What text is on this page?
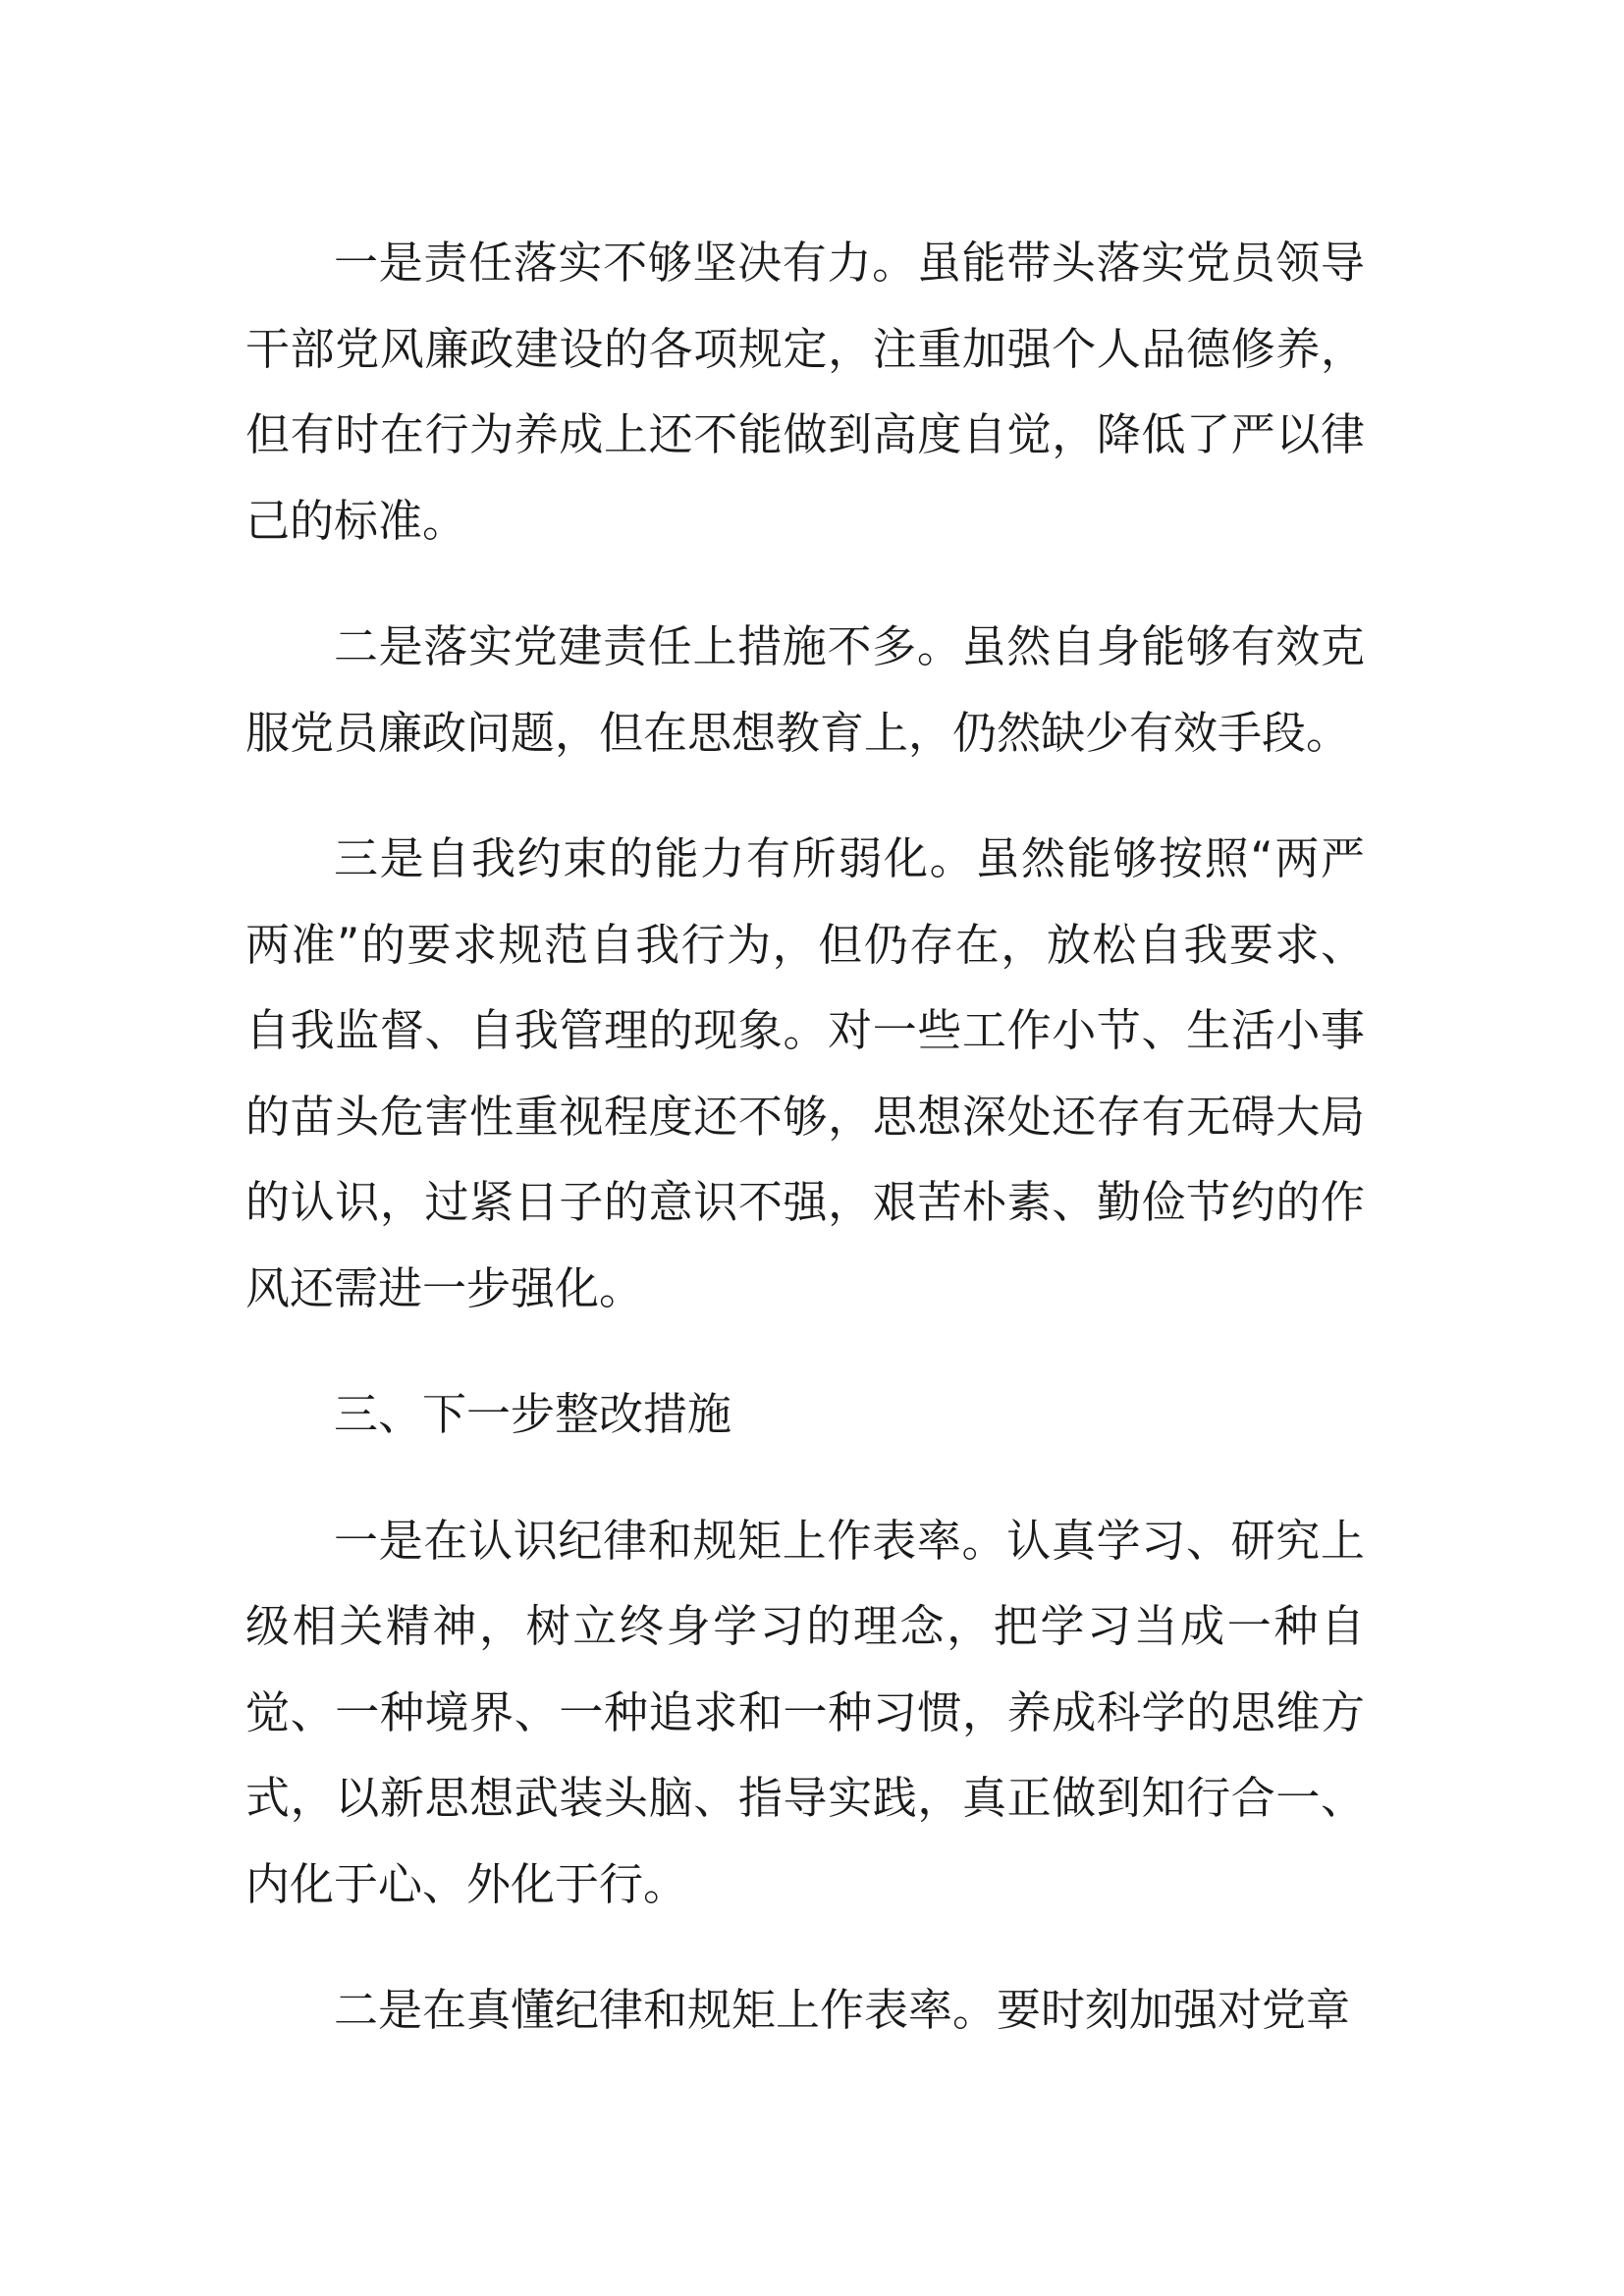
一是责任落实不够坚决有力。虽能带头落实党员领导干部党风廉政建设的各项规定，注重加强个人品德修养，但有时在行为养成上还不能做到高度自觉，降低了严以律己的标准。

二是落实党建责任上措施不多。虽然自身能够有效克服党员廉政问题，但在思想教育上，仍然缺少有效手段。

三是自我约束的能力有所弱化。虽然能够按照“两严两准”的要求规范自我行为，但仍存在，放松自我要求、自我监督、自我管理的现象。对一些工作小节、生活小事的苗头危害性重视程度还不够，思想深处还存有无碍大局的认识，过紧日子的意识不强，艰苦朴素、勤俭节约的作风还需进一步强化。

三、下一步整改措施

一是在认识纪律和规矩上作表率。认真学习、研究上级相关精神，树立终身学习的理念，把学习当成一种自觉、一种境界、一种追求和一种习惯，养成科学的思维方式，以新思想武装头脑、指导实践，真正做到知行合一、内化于心、外化于行。

二是在真懂纪律和规矩上作表率。要时刻加强对党章
